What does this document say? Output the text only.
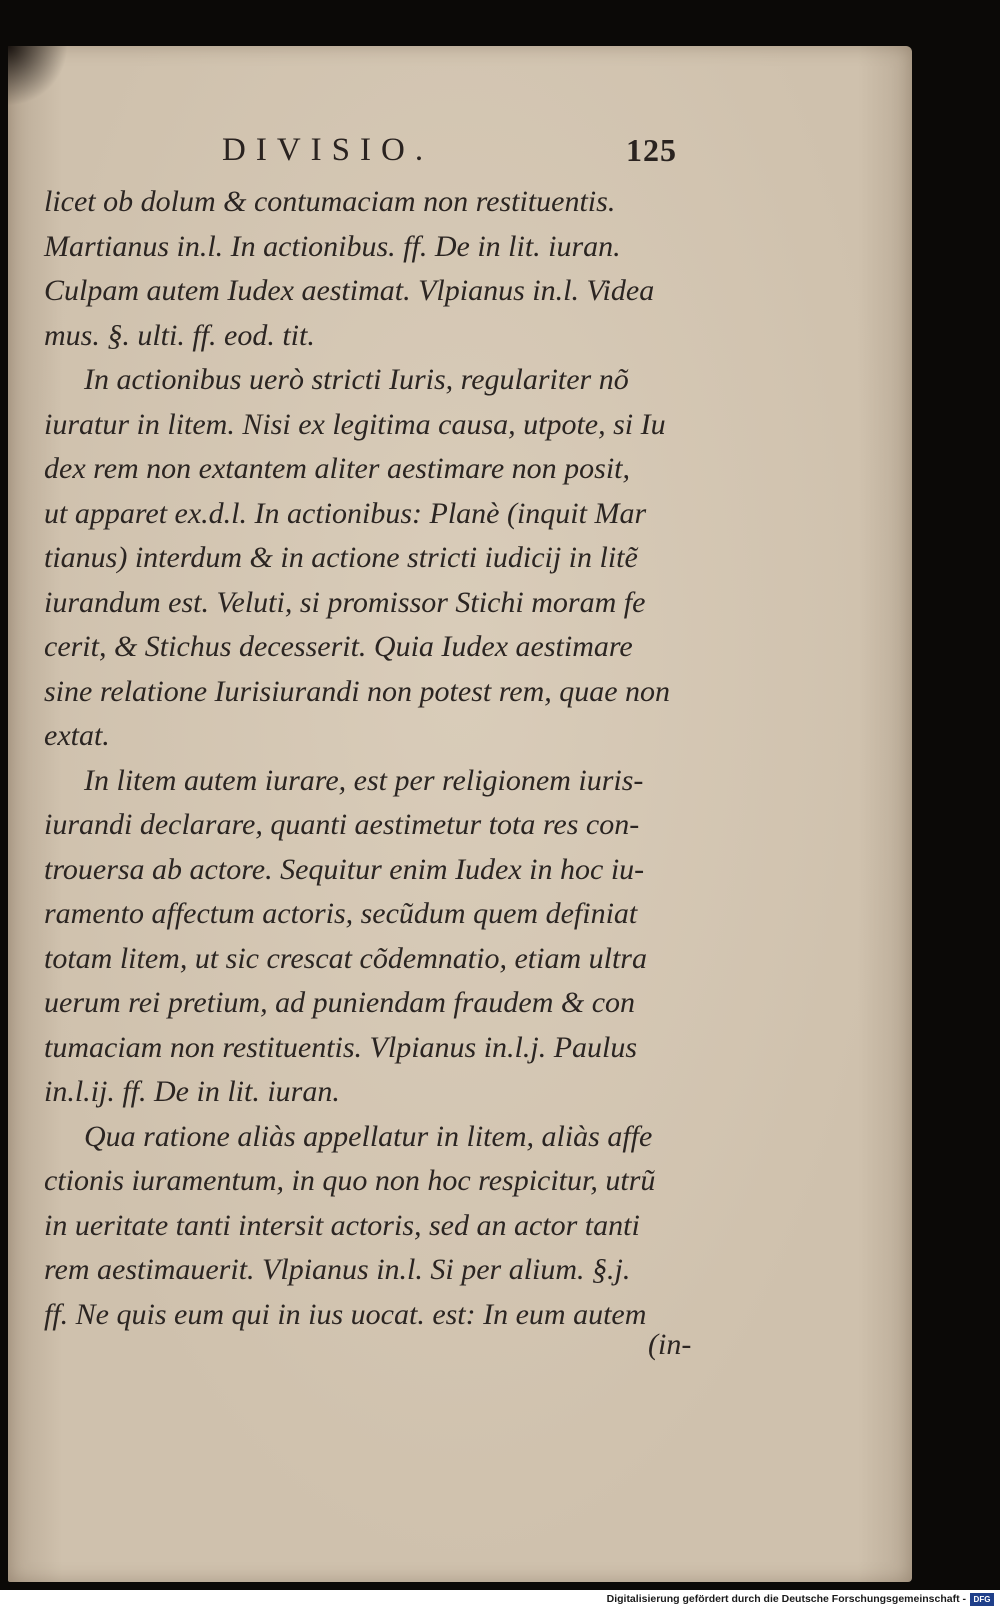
DIVISIO.	125
licet ob dolum & contumaciam non restituentis.
Martianus in.l. In actionibus. ff. De in lit. iuran.
Culpam autem Iudex aestimat. Vlpianus in.l. Videa
mus. §. ulti. ff. eod. tit.
In actionibus uerò stricti Iuris, regulariter nõ
iuratur in litem. Nisi ex legitima causa, utpote, si Iu
dex rem non extantem aliter aestimare non posit,
ut apparet ex.d.l. In actionibus: Planè (inquit Mar
tianus) interdum & in actione stricti iudicij in litẽ
iurandum est. Veluti, si promissor Stichi moram fe
cerit, & Stichus decesserit. Quia Iudex aestimare
sine relatione Iurisiurandi non potest rem, quae non
extat.
In litem autem iurare, est per religionem iuris-
iurandi declarare, quanti aestimetur tota res con-
trouersa ab actore. Sequitur enim Iudex in hoc iu-
ramento affectum actoris, secũdum quem definiat
totam litem, ut sic crescat cõdemnatio, etiam ultra
uerum rei pretium, ad puniendam fraudem & con
tumaciam non restituentis. Vlpianus in.l.j. Paulus
in.l.ij. ff. De in lit. iuran.
Qua ratione aliàs appellatur in litem, aliàs affe
ctionis iuramentum, in quo non hoc respicitur, utrũ
in ueritate tanti intersit actoris, sed an actor tanti
rem aestimauerit. Vlpianus in.l. Si per alium. §.j.
ff. Ne quis eum qui in ius uocat. est: In eum autem
(in-
Digitalisierung gefördert durch die Deutsche Forschungsgemeinschaft - DFG
